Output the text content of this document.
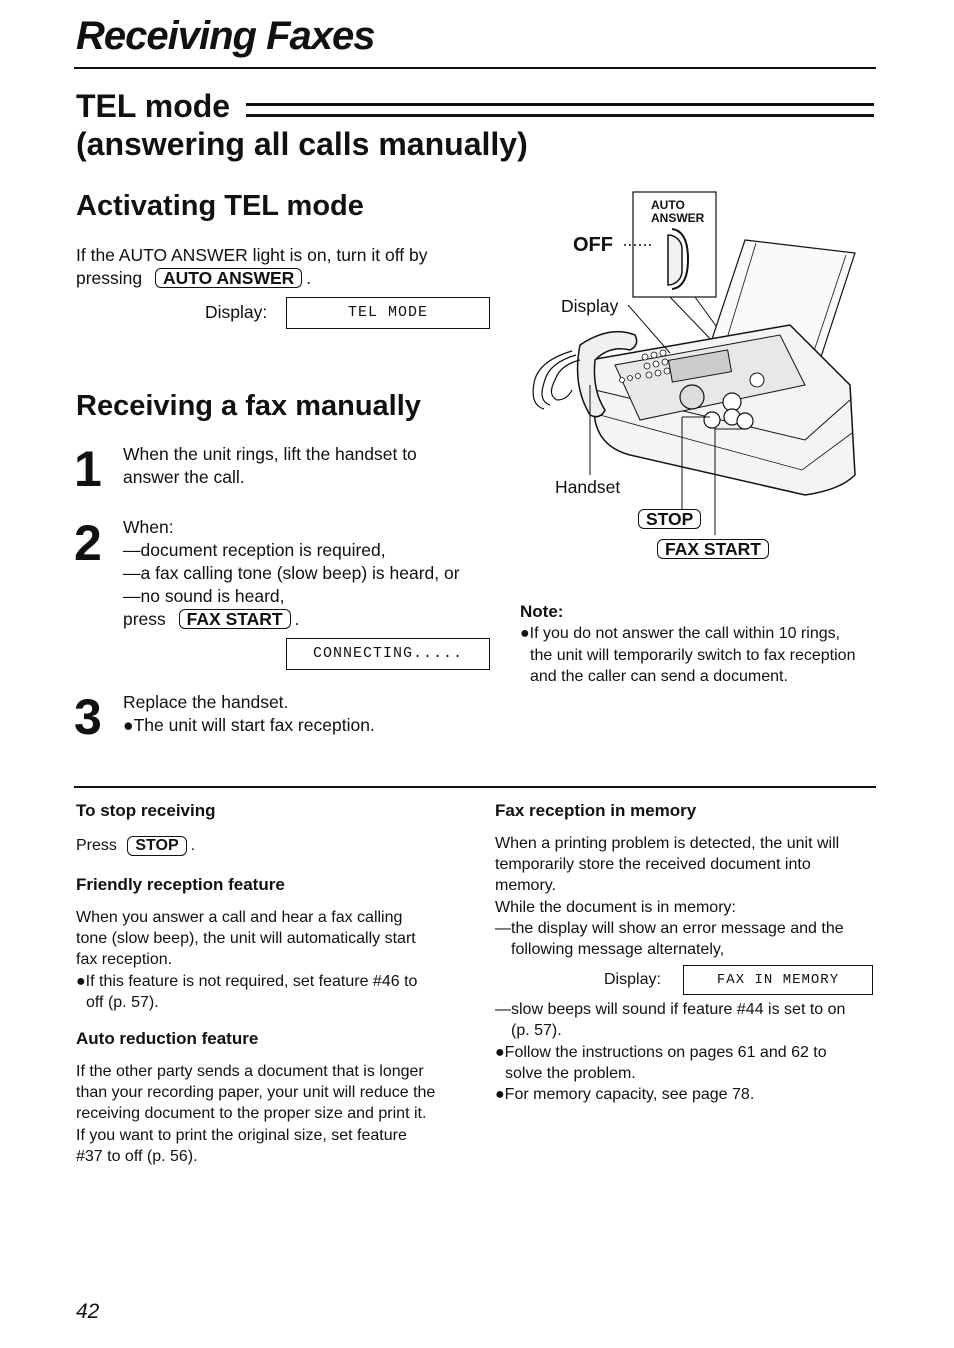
Receiving Faxes
TEL mode
(answering all calls manually)
Activating TEL mode
If the AUTO ANSWER light is on, turn it off by
pressing AUTO ANSWER .
Display:	TEL MODE
Receiving a fax manually
1 When the unit rings, lift the handset to
answer the call.
2 When:
—document reception is required,
—a fax calling tone (slow beep) is heard, or
—no sound is heard,
press FAX START .
CONNECTING.....
3 Replace the handset.
●The unit will start fax reception.
AUTO
ANSWER
OFF
Display
Handset
STOP
FAX START
Note:
●If you do not answer the call within 10 rings,
the unit will temporarily switch to fax reception
and the caller can send a document.
To stop receiving
Press STOP .
Friendly reception feature
When you answer a call and hear a fax calling
tone (slow beep), the unit will automatically start
fax reception.
●If this feature is not required, set feature #46 to
off (p. 57).
Auto reduction feature
If the other party sends a document that is longer
than your recording paper, your unit will reduce the
receiving document to the proper size and print it.
If you want to print the original size, set feature
#37 to off (p. 56).
Fax reception in memory
When a printing problem is detected, the unit will
temporarily store the received document into
memory.
While the document is in memory:
—the display will show an error message and the
following message alternately,
Display:	FAX IN MEMORY
—slow beeps will sound if feature #44 is set to on
(p. 57).
●Follow the instructions on pages 61 and 62 to
solve the problem.
●For memory capacity, see page 78.
42
